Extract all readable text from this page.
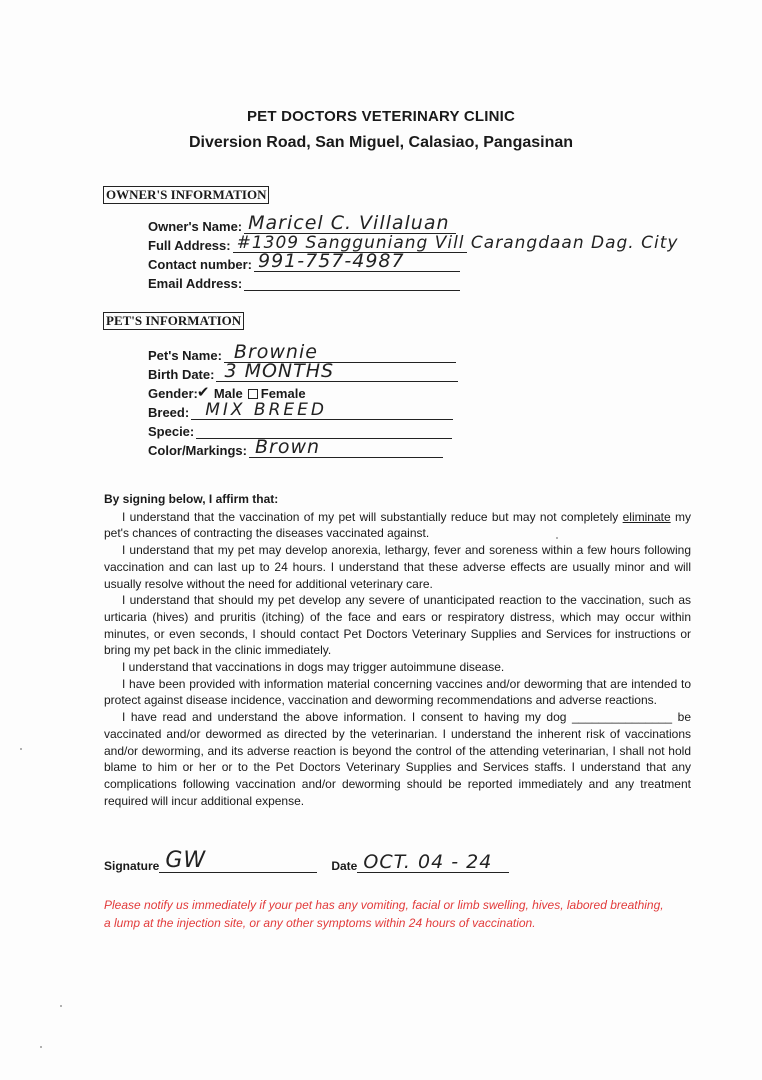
PET DOCTORS VETERINARY CLINIC
Diversion Road, San Miguel, Calasiao, Pangasinan
OWNER'S INFORMATION
Owner's Name: Maricel C. Villaluan
Full Address: #1309 Sangguniang Vill Carangdaan Dag. City
Contact number: 991-757-4987
Email Address:
PET'S INFORMATION
Pet's Name: Brownie
Birth Date: 3 MONTHS
Gender: ✔ Male Female
Breed: MIX BREED
Specie:
Color/Markings: Brown
By signing below, I affirm that:

I understand that the vaccination of my pet will substantially reduce but may not completely eliminate my pet's chances of contracting the diseases vaccinated against.

I understand that my pet may develop anorexia, lethargy, fever and soreness within a few hours following vaccination and can last up to 24 hours. I understand that these adverse effects are usually minor and will usually resolve without the need for additional veterinary care.

I understand that should my pet develop any severe of unanticipated reaction to the vaccination, such as urticaria (hives) and pruritis (itching) of the face and ears or respiratory distress, which may occur within minutes, or even seconds, I should contact Pet Doctors Veterinary Supplies and Services for instructions or bring my pet back in the clinic immediately.

I understand that vaccinations in dogs may trigger autoimmune disease.

I have been provided with information material concerning vaccines and/or deworming that are intended to protect against disease incidence, vaccination and deworming recommendations and adverse reactions.

I have read and understand the above information. I consent to having my dog _______________ be vaccinated and/or dewormed as directed by the veterinarian. I understand the inherent risk of vaccinations and/or deworming, and its adverse reaction is beyond the control of the attending veterinarian, I shall not hold blame to him or her or to the Pet Doctors Veterinary Supplies and Services staffs. I understand that any complications following vaccination and/or deworming should be reported immediately and any treatment required will incur additional expense.

Signature GW	Date OCT. 04 - 24
Please notify us immediately if your pet has any vomiting, facial or limb swelling, hives, labored breathing, a lump at the injection site, or any other symptoms within 24 hours of vaccination.
